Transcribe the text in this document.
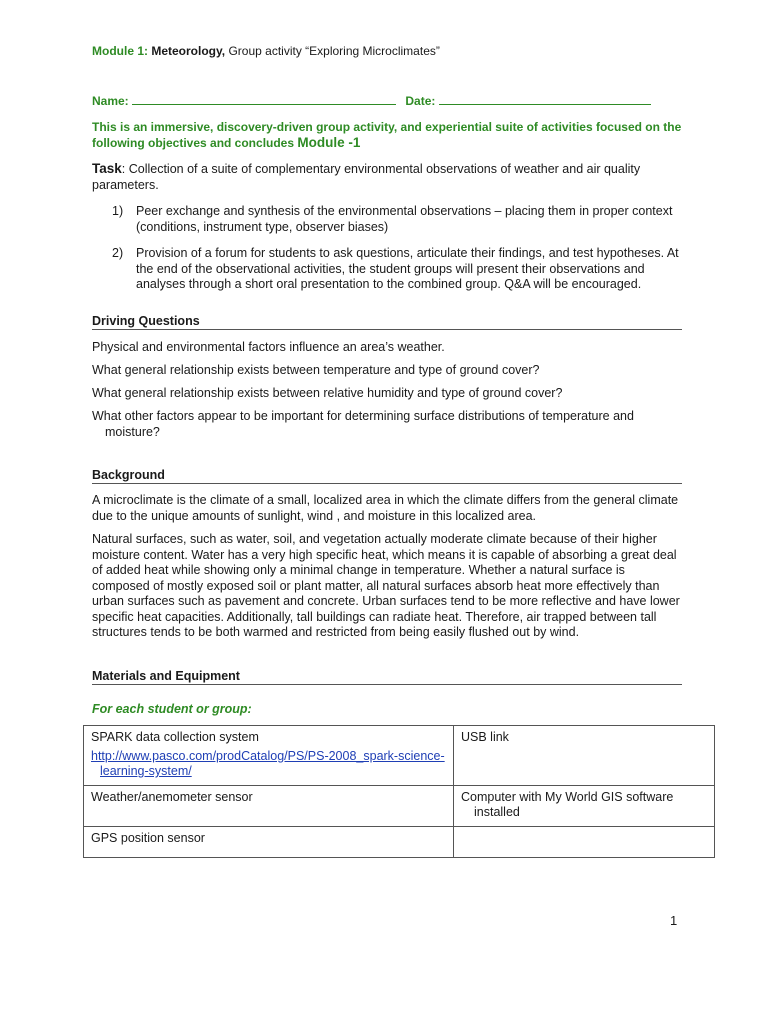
Module 1: Meteorology, Group activity “Exploring Microclimates”
Name:	Date:
This is an immersive, discovery-driven group activity, and experiential suite of activities focused on the following objectives and concludes Module -1
Task: Collection of a suite of complementary environmental observations of weather and air quality parameters.
1) Peer exchange and synthesis of the environmental observations – placing them in proper context (conditions, instrument type, observer biases)
2) Provision of a forum for students to ask questions, articulate their findings, and test hypotheses. At the end of the observational activities, the student groups will present their observations and analyses through a short oral presentation to the combined group. Q&A will be encouraged.
Driving Questions
Physical and environmental factors influence an area’s weather.
What general relationship exists between temperature and type of ground cover?
What general relationship exists between relative humidity and type of ground cover?
What other factors appear to be important for determining surface distributions of temperature and moisture?
Background
A microclimate is the climate of a small, localized area in which the climate differs from the general climate due to the unique amounts of sunlight, wind , and moisture in this localized area.
Natural surfaces, such as water, soil, and vegetation actually moderate climate because of their higher moisture content. Water has a very high specific heat, which means it is capable of absorbing a great deal of added heat while showing only a minimal change in temperature. Whether a natural surface is composed of mostly exposed soil or plant matter, all natural surfaces absorb heat more effectively than urban surfaces such as pavement and concrete. Urban surfaces tend to be more reflective and have lower specific heat capacities. Additionally, tall buildings can radiate heat. Therefore, air trapped between tall structures tends to be both warmed and restricted from being easily flushed out by wind.
Materials and Equipment
For each student or group:
SPARK data collection system
http://www.pasco.com/prodCatalog/PS/PS-2008_spark-science-learning-system/	USB link
Weather/anemometer sensor	Computer with My World GIS software installed
GPS position sensor	
1
